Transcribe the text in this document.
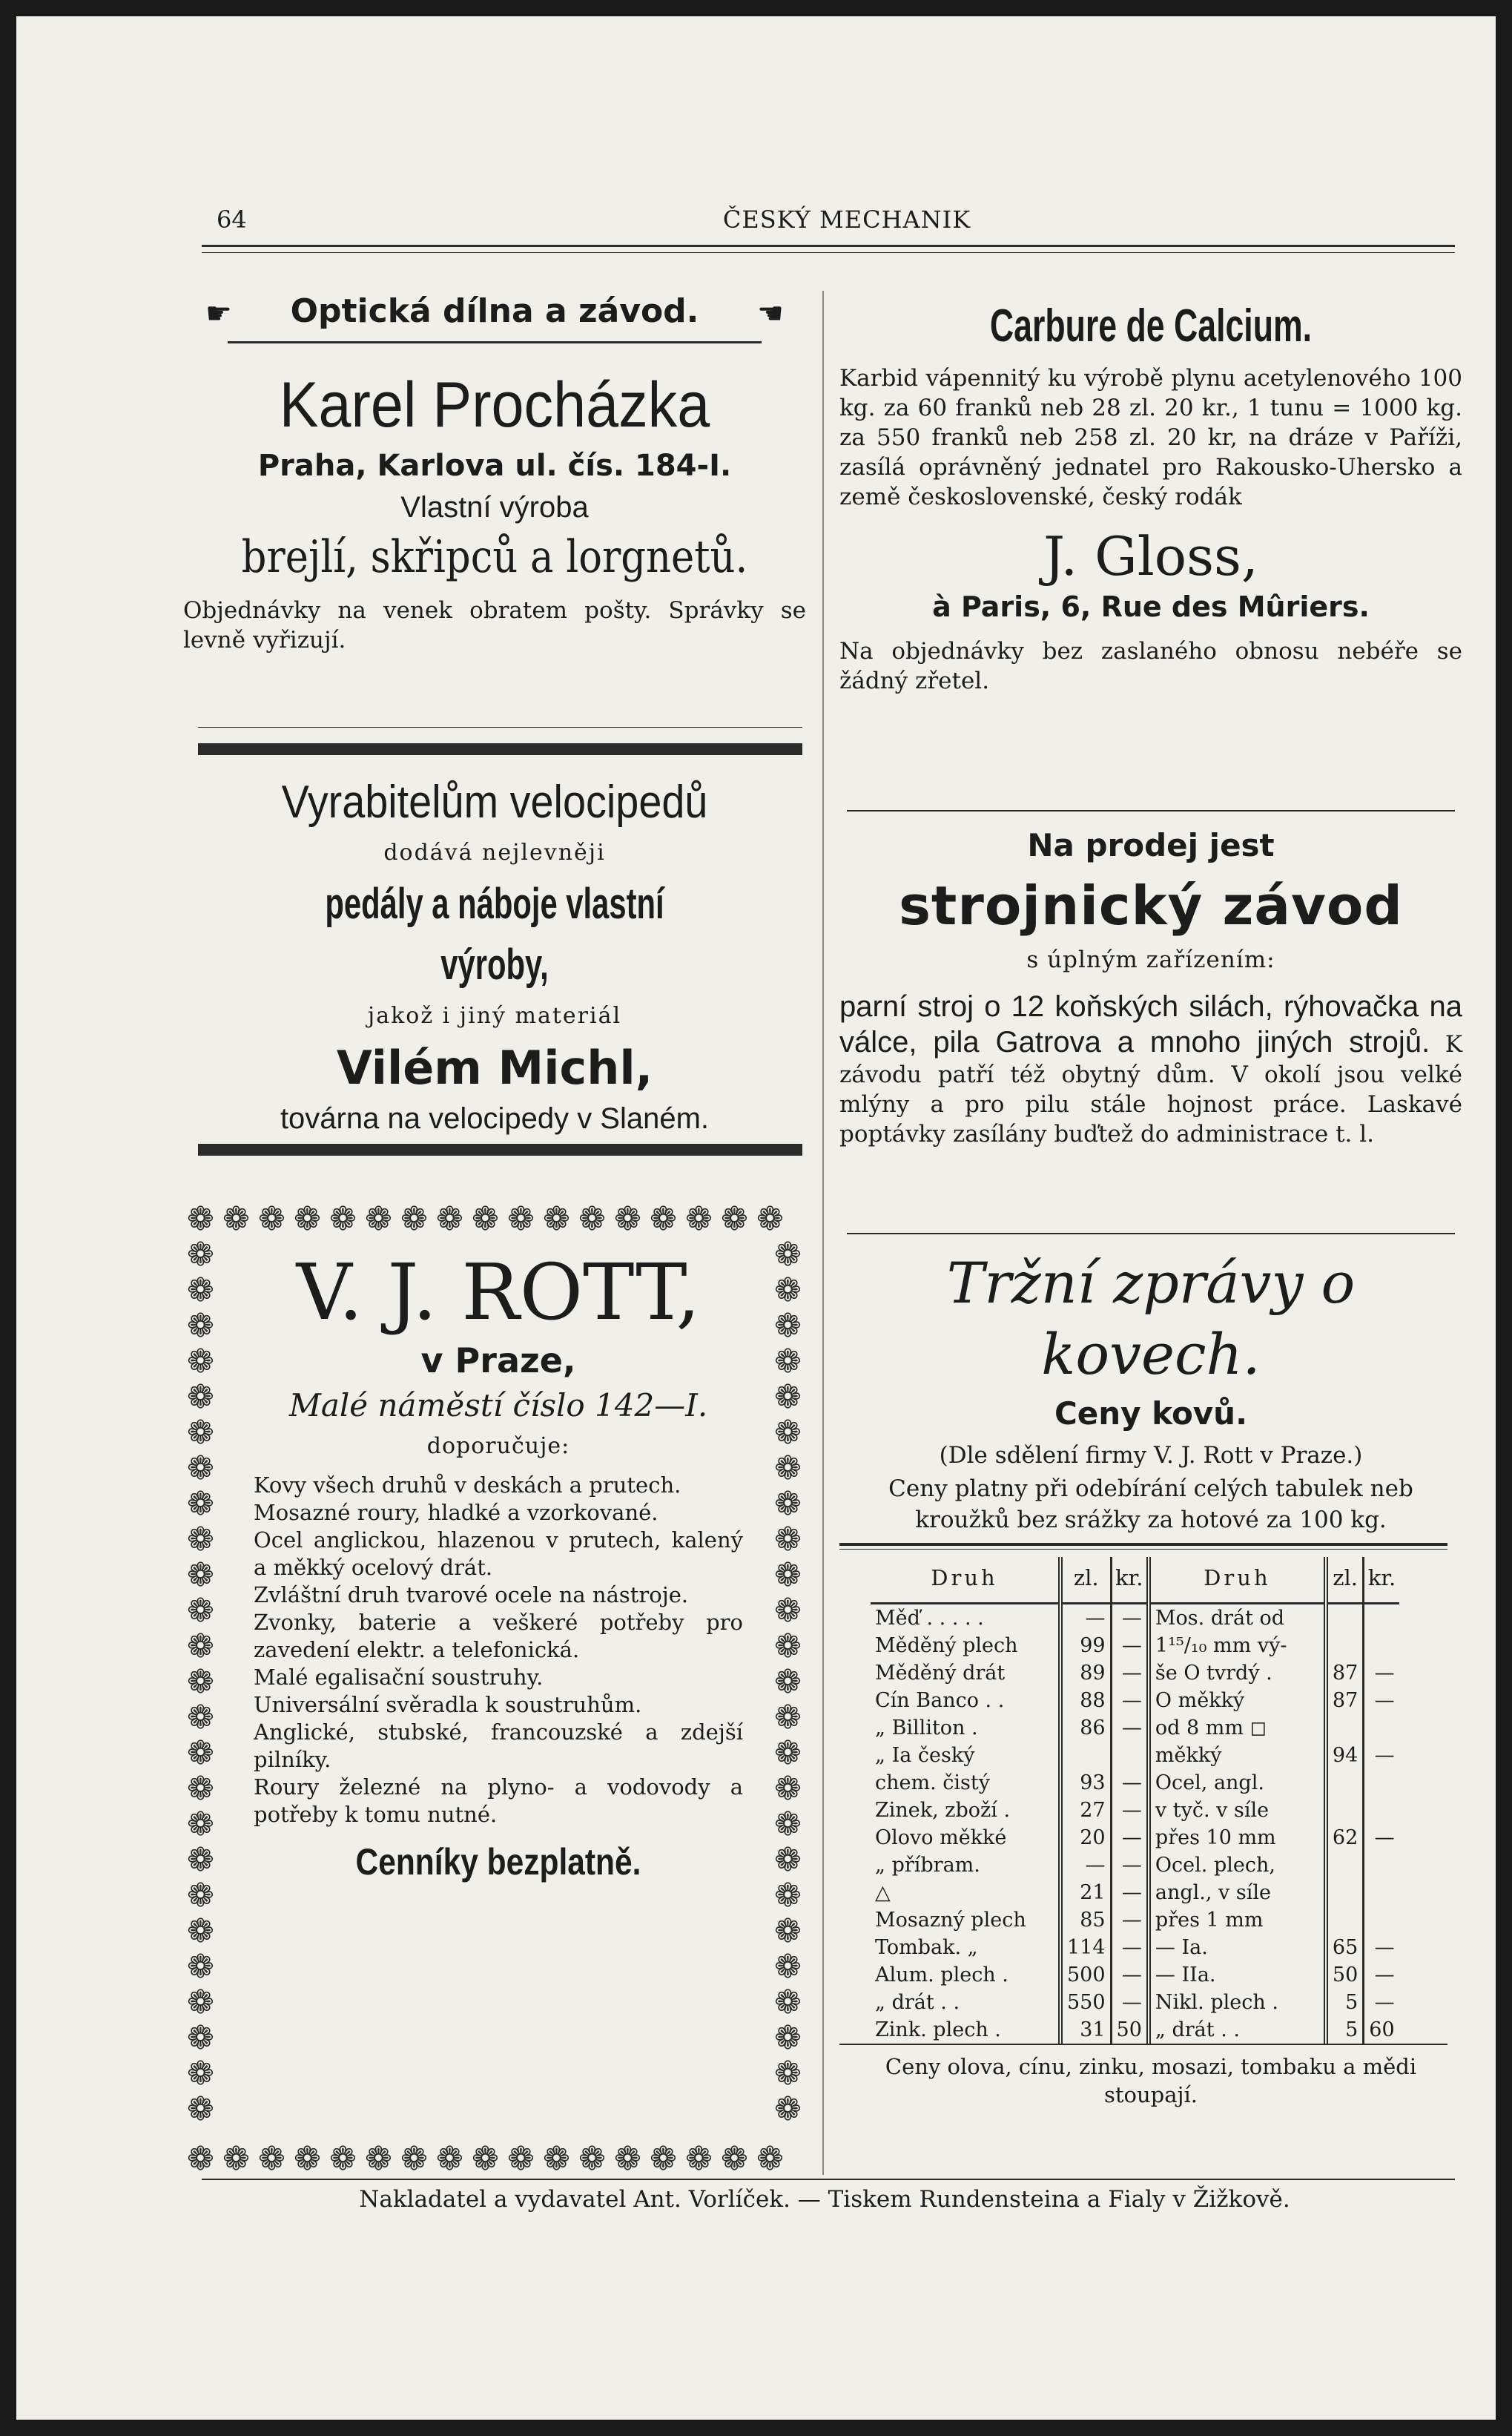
64	ČESKÝ MECHANIK
☛ Optická dílna a závod. ☛
Karel Procházka
Praha, Karlova ul. čís. 184-I.
Vlastní výroba
brejlí, skřipců a lorgnetů.
Objednávky na venek obratem pošty. Správky se levně vyřizují.
Vyrabitelům velocipedů
dodává nejlevněji
pedály a náboje vlastní výroby,
jakož i jiný materiál
Vilém Michl,
továrna na velocipedy v Slaném.
❁
❁
❁
❁
❁
❁
❁
❁
❁
❁
❁
❁
❁
❁
❁
❁
❁
❁
❁
❁
❁
❁
❁
❁
❁
❁
❁
❁
❁
❁
❁
❁
❁
❁
❁	❁
❁	❁
❁	❁
❁	❁
❁	❁
❁	❁
❁	❁
❁	❁
❁	❁
❁	❁
❁	❁
❁	❁
❁	❁
❁	❁
❁	❁
❁	❁
❁	❁
❁	❁
❁	❁
❁	❁
❁	❁
❁	❁
❁	❁
❁	❁
❁	❁
V. J. ROTT,
v Praze,
Malé náměstí číslo 142—I.
doporučuje:

Kovy všech druhů v deskách a prutech.

Mosazné roury, hladké a vzorkované.

Ocel anglickou, hlazenou v prutech, kalený a měkký ocelový drát.

Zvláštní druh tvarové ocele na nástroje.

Zvonky, baterie a veškeré potřeby pro zavedení elektr. a telefonická.

Malé egalisační soustruhy.

Universální svěradla k soustruhům.

Anglické, stubské, francouzské a zdejší pilníky.

Roury železné na plyno- a vodovody a potřeby k tomu nutné.

Cenníky bezplatně.
Carbure de Calcium.
Karbid vápennitý ku výrobě plynu acetylenového 100 kg. za 60 franků neb 28 zl. 20 kr., 1 tunu = 1000 kg. za 550 franků neb 258 zl. 20 kr, na dráze v Paříži, zasílá oprávněný jednatel pro Rakousko-Uhersko a země československé, český rodák
J. Gloss,
à Paris, 6, Rue des Mûriers.
Na objednávky bez zaslaného obnosu nebéře se žádný zřetel.
Na prodej jest
strojnický závod
s úplným zařízením:
parní stroj o 12 koňských silách, rýhovačka na válce, pila Gatrova a mnoho jiných strojů. K závodu patří též obytný dům. V okolí jsou velké mlýny a pro pilu stále hojnost práce. Laskavé poptávky zasílány buďtež do administrace t. l.
Tržní zprávy o kovech.
Ceny kovů.
(Dle sdělení firmy V. J. Rott v Praze.)
Ceny platny při odebírání celých tabulek neb kroužků bez srážky za hotové za 100 kg.
Druh	zl.	kr.	Druh	zl.	kr.
Měď . . . . .	—	—	Mos. drát od		
Měděný plech	99	—	1¹⁵/₁₀ mm vý-		
Měděný drát	89	—	še O tvrdý .	87	—
Cín Banco . .	88	—	O měkký	87	—
„ Billiton .	86	—	od 8 mm ◻		
„ Ia český			měkký	94	—
chem. čistý	93	—	Ocel, angl.		
Zinek, zboží .	27	—	v tyč. v síle		
Olovo měkké	20	—	přes 10 mm	62	—
„ příbram.	—	—	Ocel. plech,		
△	21	—	angl., v síle		
Mosazný plech	85	—	přes 1 mm		
Tombak. „	114	—	— Ia.	65	—
Alum. plech .	500	—	— IIa.	50	—
„ drát . .	550	—	Nikl. plech .	5	—
Zink. plech .	31	50	„ drát . .	5	60
Ceny olova, cínu, zinku, mosazi, tombaku a mědi stoupají.
Nakladatel a vydavatel Ant. Vorlíček. — Tiskem Rundensteina a Fialy v Žižkově.
